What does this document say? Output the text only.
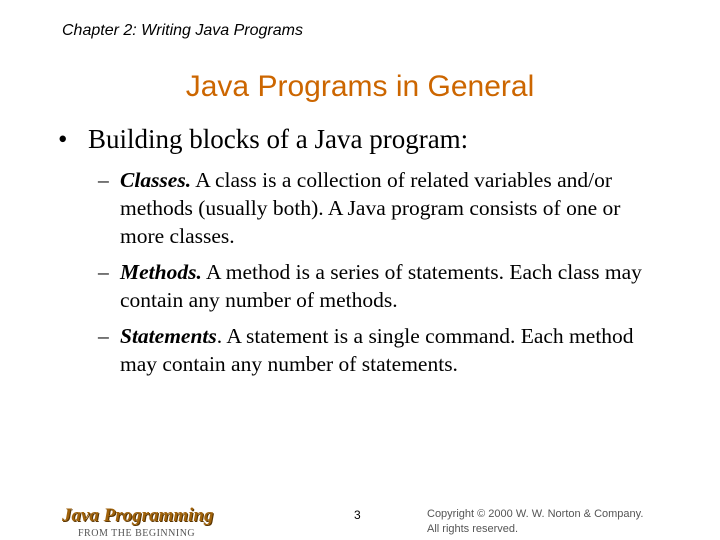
Chapter 2: Writing Java Programs
Java Programs in General
• Building blocks of a Java program:
– Classes. A class is a collection of related variables and/or methods (usually both). A Java program consists of one or more classes.
– Methods. A method is a series of statements. Each class may contain any number of methods.
– Statements. A statement is a single command. Each method may contain any number of statements.
Java Programming
FROM THE BEGINNING
3	Copyright © 2000 W. W. Norton & Company.
All rights reserved.
